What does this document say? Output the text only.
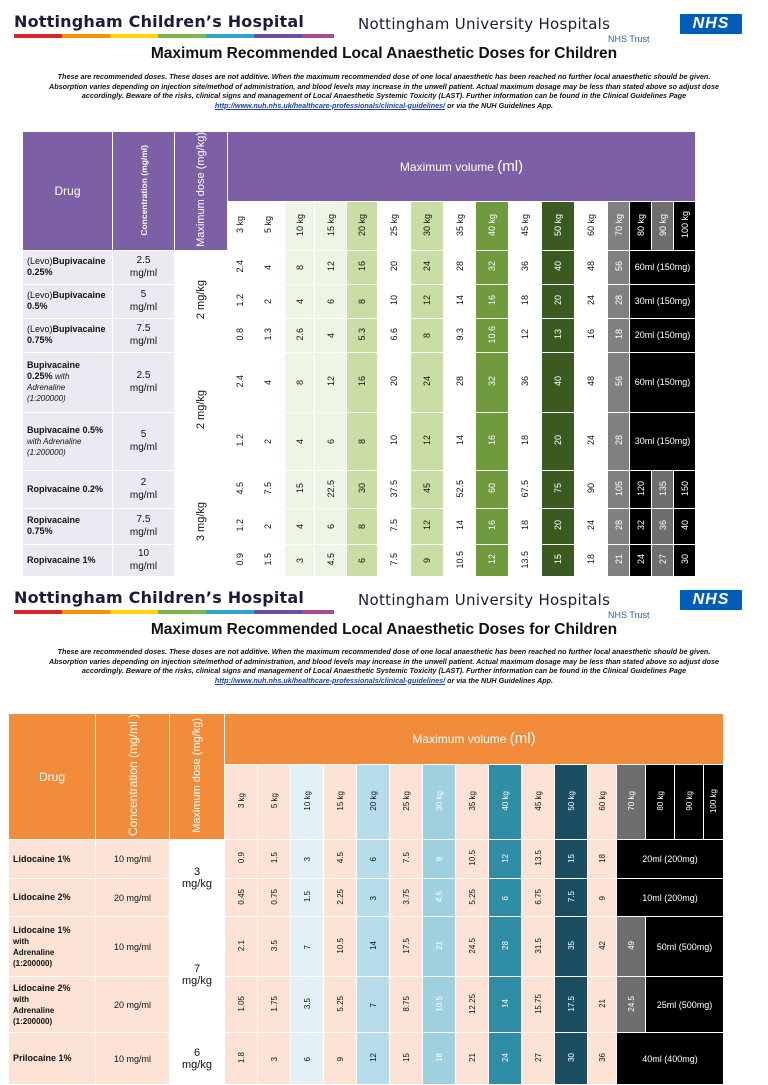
Nottingham Children’s Hospital	Nottingham University Hospitals
NHS Trust
NHS
Maximum Recommended Local Anaesthetic Doses for Children
These are recommended doses. These doses are not additive. When the maximum recommended dose of one local anaesthetic has been reached no further local anaesthetic should be given.
Absorption varies depending on injection site/method of administration, and blood levels may increase in the unwell patient. Actual maximum dosage may be less than stated above so adjust dose
accordingly. Beware of the risks, clinical signs and management of Local Anaesthetic Systemic Toxicity (LAST). Further information can be found in the Clinical Guidelines Page
http://www.nuh.nhs.uk/healthcare-professionals/clinical-guidelines/ or via the NUH Guidelines App.
Drug	Concentration (mg/ml)	Maximum dose (mg/kg)	Maximum volume (ml)															
			3 kg	5 kg	10 kg	15 kg	20 kg	25 kg	30 kg	35 kg	40 kg	45 kg	50 kg	60 kg	70 kg	80 kg	90 kg	100 kg
(Levo)Bupivacaine
0.25%	2.5
mg/ml	2 mg/kg	2.4	4	8	12	16	20	24	28	32	36	40	48	56	60ml (150mg)		
(Levo)Bupivacaine
0.5%	5
mg/ml		1.2	2	4	6	8	10	12	14	16	18	20	24	28	30ml (150mg)		
(Levo)Bupivacaine
0.75%	7.5
mg/ml		0.8	1.3	2.6	4	5.3	6.6	8	9.3	10.6	12	13	16	18	20ml (150mg)		
Bupivacaine
0.25% with
Adrenaline
(1:200000)	2.5
mg/ml	2 mg/kg	2.4	4	8	12	16	20	24	28	32	36	40	48	56	60ml (150mg)		
Bupivacaine 0.5%
with Adrenaline
(1:200000)	5
mg/ml		1.2	2	4	6	8	10	12	14	16	18	20	24	28	30ml (150mg)		
Ropivacaine 0.2%	2
mg/ml	3 mg/kg	4.5	7.5	15	22.5	30	37.5	45	52.5	60	67.5	75	90	105	120	135	150
Ropivacaine
0.75%	7.5
mg/ml		1.2	2	4	6	8	7.5	12	14	16	18	20	24	28	32	36	40
Ropivacaine 1%	10
mg/ml		0.9	1.5	3	4.5	6	7.5	9	10.5	12	13.5	15	18	21	24	27	30
Nottingham Children’s Hospital	Nottingham University Hospitals
NHS Trust
NHS
Maximum Recommended Local Anaesthetic Doses for Children
These are recommended doses. These doses are not additive. When the maximum recommended dose of one local anaesthetic has been reached no further local anaesthetic should be given.
Absorption varies depending on injection site/method of administration, and blood levels may increase in the unwell patient. Actual maximum dosage may be less than stated above so adjust dose
accordingly. Beware of the risks, clinical signs and management of Local Anaesthetic Systemic Toxicity (LAST). Further information can be found in the Clinical Guidelines Page
http://www.nuh.nhs.uk/healthcare-professionals/clinical-guidelines/ or via the NUH Guidelines App.
Drug	Concentration (mg/ml )	Maximum dose (mg/kg)	Maximum volume (ml)															
			3 kg	5 kg	10 kg	15 kg	20 kg	25 kg	30 kg	35 kg	40 kg	45 kg	50 kg	60 kg	70 kg	80 kg	90 kg	100 kg
Lidocaine 1%	10 mg/ml	3
mg/kg	0.9	1.5	3	4.5	6	7.5	9	10.5	12	13.5	15	18	20ml (200mg)			
Lidocaine 2%	20 mg/ml		0.45	0.75	1.5	2.25	3	3.75	4.5	5.25	6	6.75	7.5	9	10ml (200mg)			
Lidocaine 1%
with
Adrenaline
(1:200000)	10 mg/ml	7
mg/kg	2.1	3.5	7	10.5	14	17.5	21	24.5	28	31.5	35	42	49	50ml (500mg)		
Lidocaine 2%
with
Adrenaline
(1:200000)	20 mg/ml		1.05	1.75	3.5	5.25	7	8.75	10.5	12.25	14	15.75	17.5	21	24.5	25ml (500mg)		
Prilocaine 1%	10 mg/ml	6
mg/kg	1.8	3	6	9	12	15	18	21	24	27	30	36	40ml (400mg)			
